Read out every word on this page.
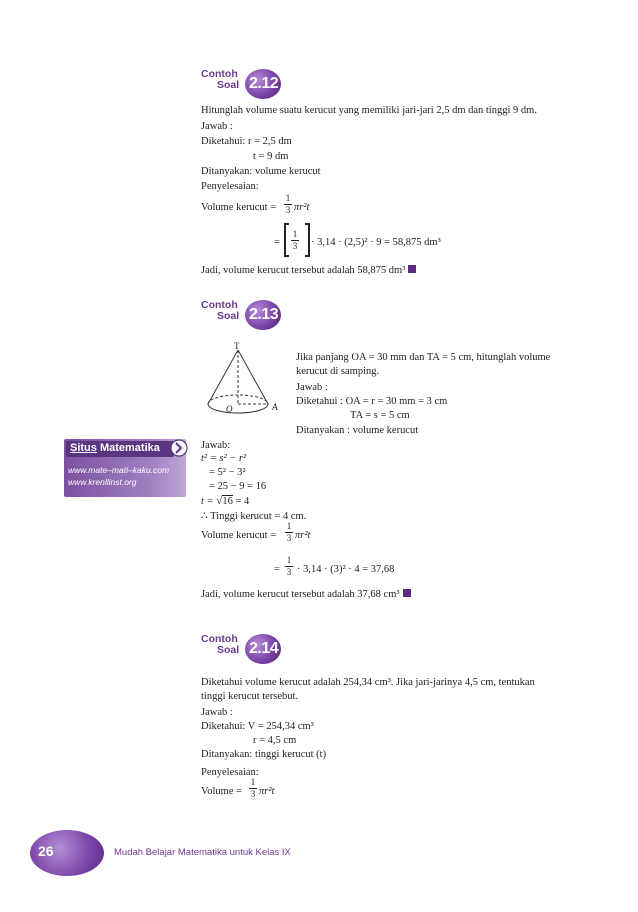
Contoh
Soal 2.12
Hitunglah volume suatu kerucut yang memiliki jari-jari 2,5 dm dan tinggi 9 dm.
Jawab :
Diketahui: r = 2,5 dm
t = 9 dm
Ditanyakan: volume kerucut
Penyelesaian:
Volume kerucut =
1
3 πr²t
=
1
3 · 3,14 · (2,5)² · 9 = 58,875 dm³
Jadi, volume kerucut tersebut adalah 58,875 dm³
Contoh
Soal 2.13
T
O	A
Jika panjang OA = 30 mm dan TA = 5 cm, hitunglah volume
kerucut di samping.
Jawab :
Diketahui : OA = r = 30 mm = 3 cm
TA = s = 5 cm
Ditanyakan : volume kerucut
Jawab:
t² = s² − r²
= 5² − 3²
= 25 − 9 = 16
t = √16 = 4
∴ Tinggi kerucut = 4 cm.
Volume kerucut =
1
3 πr²t
=
1
3 · 3,14 · (3)² · 4 = 37,68
Jadi, volume kerucut tersebut adalah 37,68 cm³
Situs Matematika
www.mate–mati–kaku.com
www.krenllinst.org
Contoh
Soal 2.14
Diketahui volume kerucut adalah 254,34 cm³. Jika jari-jarinya 4,5 cm, tentukan
tinggi kerucut tersebut.
Jawab :
Diketahui: V = 254,34 cm³
r = 4,5 cm
Ditanyakan: tinggi kerucut (t)
Penyelesaian:
Volume =
1
3 πr²t
26	Mudah Belajar Matematika untuk Kelas IX
